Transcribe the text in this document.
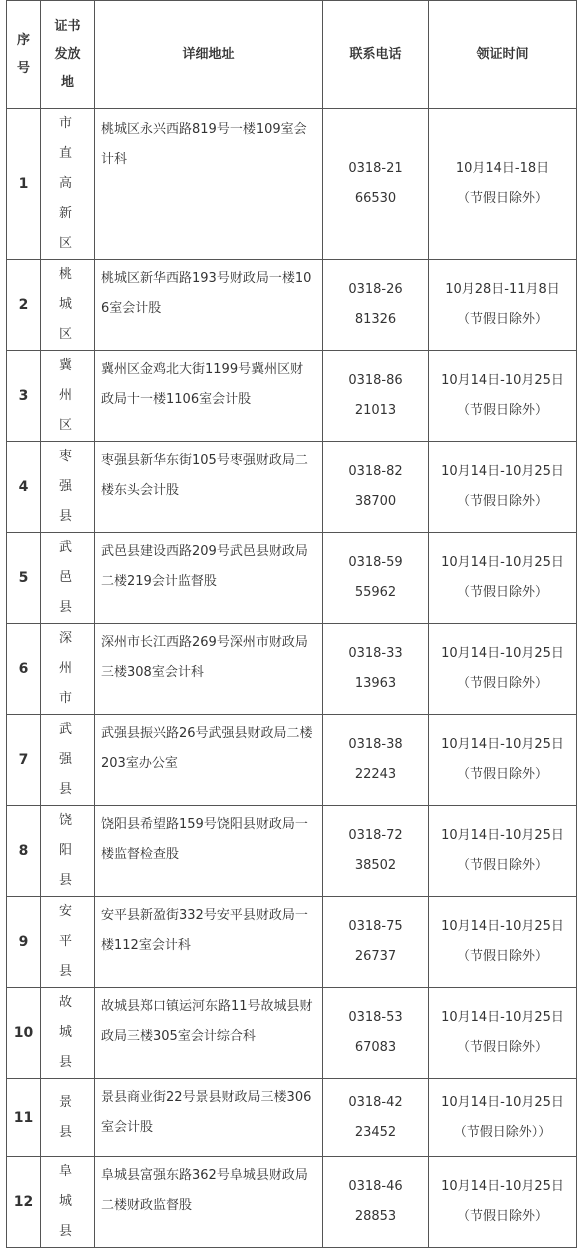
序号	证书发放地	详细地址	联系电话	领证时间
1	市直高新区	桃城区永兴西路819号一楼109室会计科	0318-2166530	10月14日-18日
（节假日除外）

2	桃城区	桃城区新华西路193号财政局一楼106室会计股	0318-2681326	10月28日-11月8日
（节假日除外）

3	冀州区	冀州区金鸡北大街1199号冀州区财政局十一楼1106室会计股	0318-8621013	10月14日-10月25日
（节假日除外）

4	枣强县	枣强县新华东街105号枣强财政局二楼东头会计股	0318-8238700	10月14日-10月25日
（节假日除外）

5	武邑县	武邑县建设西路209号武邑县财政局二楼219会计监督股	0318-5955962	10月14日-10月25日
（节假日除外）

6	深州市	深州市长江西路269号深州市财政局三楼308室会计科	0318-3313963	10月14日-10月25日
（节假日除外）

7	武强县	武强县振兴路26号武强县财政局二楼203室办公室	0318-3822243	10月14日-10月25日
（节假日除外）

8	饶阳县	饶阳县希望路159号饶阳县财政局一楼监督检查股	0318-7238502	10月14日-10月25日
（节假日除外）

9	安平县	安平县新盈街332号安平县财政局一楼112室会计科	0318-7526737	10月14日-10月25日
（节假日除外）

10	故城县	故城县郑口镇运河东路11号故城县财政局三楼305室会计综合科	0318-5367083	10月14日-10月25日
（节假日除外）

11	景县	景县商业街22号景县财政局三楼306室会计股	0318-4223452	10月14日-10月25日
（节假日除外））

12	阜城县	阜城县富强东路362号阜城县财政局二楼财政监督股	0318-4628853	10月14日-10月25日
（节假日除外）
